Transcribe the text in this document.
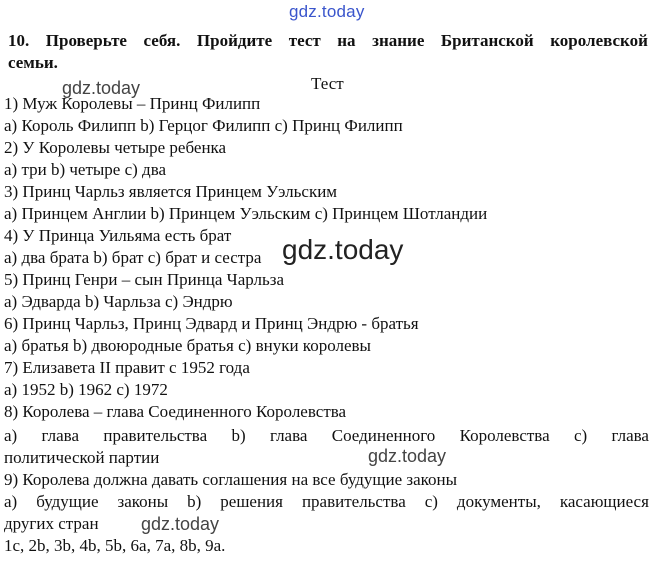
gdz.today
gdz.today
gdz.today
gdz.today
gdz.today
10. Проверьте себя. Пройдите тест на знание Британской королевской
семьи.
Тест
1) Муж Королевы – Принц Филипп
a) Король Филипп b) Герцог Филипп c) Принц Филипп
2) У Королевы четыре ребенка
a) три b) четыре c) два
3) Принц Чарльз является Принцем Уэльским
a) Принцем Англии b) Принцем Уэльским c) Принцем Шотландии
4) У Принца Уильяма есть брат
a) два брата b) брат c) брат и сестра
5) Принц Генри – сын Принца Чарльза
a) Эдварда b) Чарльза c) Эндрю
6) Принц Чарльз, Принц Эдвард и Принц Эндрю - братья
a) братья b) двоюродные братья c) внуки королевы
7) Елизавета II правит с 1952 года
a) 1952 b) 1962 c) 1972
8) Королева – глава Соединенного Королевства
a) глава правительства b) глава Соединенного Королевства c) глава
политической партии
9) Королева должна давать соглашения на все будущие законы
a) будущие законы b) решения правительства c) документы, касающиеся
других стран
1c, 2b, 3b, 4b, 5b, 6a, 7a, 8b, 9a.
